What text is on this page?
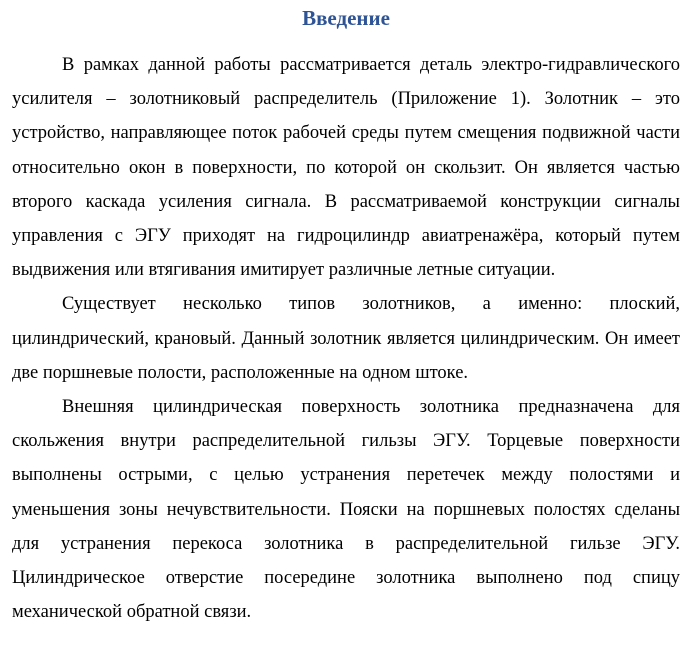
Введение

В рамках данной работы рассматривается деталь электро-гидравлического усилителя – золотниковый распределитель (Приложение 1). Золотник – это устройство, направляющее поток рабочей среды путем смещения подвижной части относительно окон в поверхности, по которой он скользит. Он является частью второго каскада усиления сигнала. В рассматриваемой конструкции сигналы управления с ЭГУ приходят на гидроцилиндр авиатренажёра, который путем выдвижения или втягивания имитирует различные летные ситуации.

Существует несколько типов золотников, а именно: плоский, цилиндрический, крановый. Данный золотник является цилиндрическим. Он имеет две поршневые полости, расположенные на одном штоке.

Внешняя цилиндрическая поверхность золотника предназначена для скольжения внутри распределительной гильзы ЭГУ. Торцевые поверхности выполнены острыми, с целью устранения перетечек между полостями и уменьшения зоны нечувствительности. Пояски на поршневых полостях сделаны для устранения перекоса золотника в распределительной гильзе ЭГУ. Цилиндрическое отверстие посередине золотника выполнено под спицу механической обратной связи.
